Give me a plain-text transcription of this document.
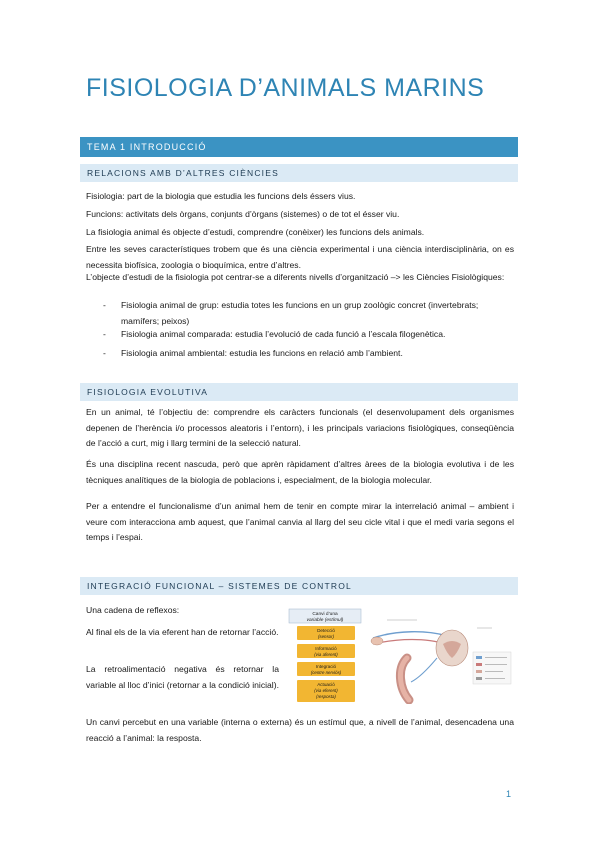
FISIOLOGIA D’ANIMALS MARINS
TEMA 1 INTRODUCCIÓ
RELACIONS AMB D’ALTRES CIÈNCIES

Fisiologia: part de la biologia que estudia les funcions dels éssers vius.

Funcions: activitats dels òrgans, conjunts d’òrgans (sistemes) o de tot el ésser viu.

La fisiologia animal és objecte d’estudi, comprendre (conèixer) les funcions dels animals.

Entre les seves característiques trobem que és una ciència experimental i una ciència interdisciplinària, on es necessita biofísica, zoologia o bioquímica, entre d’altres.

L’objecte d’estudi de la fisiologia pot centrar-se a diferents nivells d’organització –> les Ciències Fisiològiques:

- Fisiologia animal de grup: estudia totes les funcions en un grup zoològic concret (invertebrats; mamífers; peixos)
- Fisiologia animal comparada: estudia l’evolució de cada funció a l’escala filogenètica.
- Fisiologia animal ambiental: estudia les funcions en relació amb l’ambient.
FISIOLOGIA EVOLUTIVA

En un animal, té l’objectiu de: comprendre els caràcters funcionals (el desenvolupament dels organismes depenen de l’herència i/o processos aleatoris i l’entorn), i les principals variacions fisiològiques, conseqüència de l’acció a curt, mig i llarg termini de la selecció natural.

És una disciplina recent nascuda, però que aprèn ràpidament d’altres àrees de la biologia evolutiva i de les tècniques analítiques de la biologia de poblacions i, especialment, de la biologia molecular.

Per a entendre el funcionalisme d’un animal hem de tenir en compte mirar la interrelació animal – ambient i veure com interacciona amb aquest, que l’animal canvia al llarg del seu cicle vital i que el medi varia segons el temps i l’espai.

INTEGRACIÓ FUNCIONAL – SISTEMES DE CONTROL

Una cadena de reflexos:

Al final els de la via eferent han de retornar l’acció.

La retroalimentació negativa és retornar la variable al lloc d’inici (retornar a la condició inicial).

Un canvi percebut en una variable (interna o externa) és un estímul que, a nivell de l’animal, desencadena una reacció a l’animal: la resposta.

Canvi d’una
variable (estímul)
Detecció
(sensor)
Informació
(via aferent)
Integració
(centre nerviós)
Actuació
(via eferent)
(resposta)
1
